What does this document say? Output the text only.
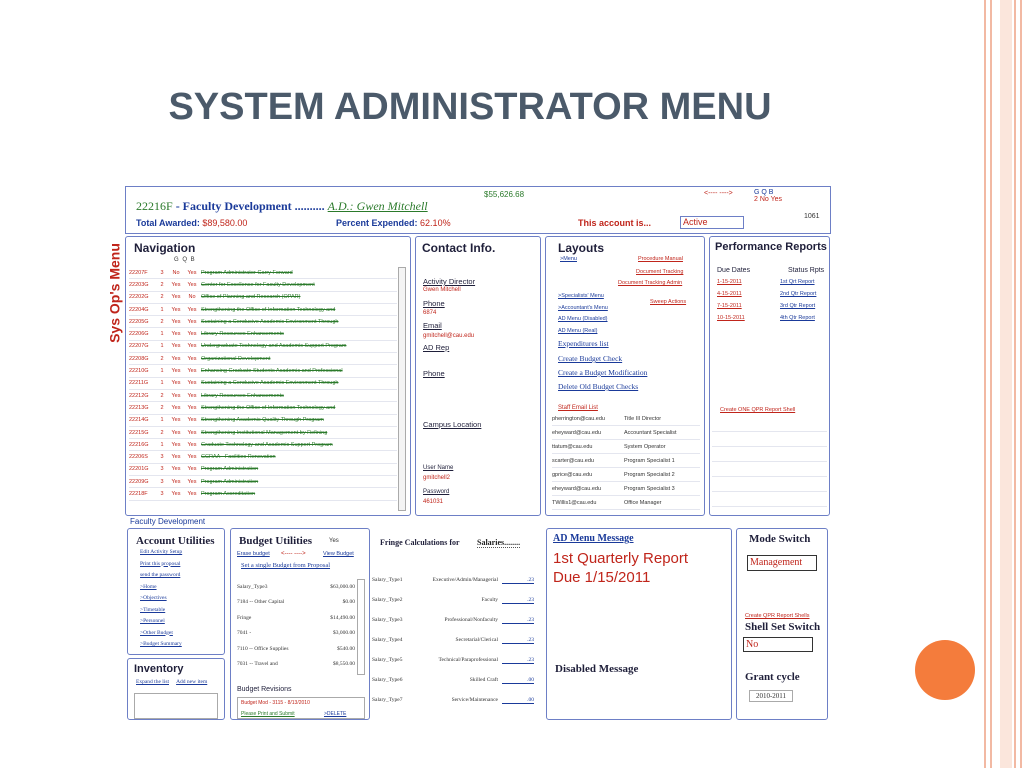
SYSTEM ADMINISTRATOR MENU
Sys Op's Menu
22216F - Faculty Development .......... A.D.: Gwen Mitchell
$55,626.68	<---- ---->	G Q B
2 No Yes
Total Awarded: $89,580.00	Percent Expended: 62.10%	This account is...	Active
1061
Navigation
G Q B
22207F	3	No	Yes Program Administrator-Carry Forward
22203G	2	Yes	Yes Center for Excellence for Faculty Development
22202G	2	Yes	No Office of Planning and Research (OPAR)
22204G	1	Yes	Yes Strengthening the Office of Information Technology and
22205G	2	Yes	Yes Sustaining a Conducive Academic Environment Through
22206G	1	Yes	Yes Library Resources Enhancements
22207G	1	Yes	Yes Undergraduate Technology and Academic Support Program
22208G	2	Yes	Yes Organizational Development
22210G	1	Yes	Yes Enhancing Graduate Students Academic and Professional
22211G	1	Yes	Yes Sustaining a Conducive Academic Environment Through
22212G	2	Yes	Yes Library Resources Enhancements
22213G	2	Yes	Yes Strengthening the Office of Information Technology and
22214G	1	Yes	Yes Strengthening Academic Quality Through Program
22215G	2	Yes	Yes Strengthening Institutional Management by Refining
22216G	1	Yes	Yes Graduate Technology and Academic Support Program
22206S	3	Yes	Yes CCRAA - Facilities Renovation
22201G	3	Yes	Yes Program Administration
22209G	3	Yes	Yes Program Administration
22218F	3	Yes	Yes Program Accreditation
Faculty Development
Contact Info.
Activity Director
Gwen Mitchell
Phone
6874
Email
gmitchell@cau.edu
AD Rep
Phone
Campus Location
User Name
gmitchell2
Password
461031
Layouts
>Menu	Procedure Manual
Document Tracking
Document Tracking Admin
>Specialists' Menu
Sweep Actions
>Accountant's Menu
AD Menu (Disabled)
AD Menu (Real)
Expenditures list
Create Budget Check
Create a Budget Modification
Delete Old Budget Checks
Staff Email List
pherrington@cau.edu	Title III Director
eheyward@cau.edu	Accountant Specialist
ttatum@cau.edu	System Operator
scarter@cau.edu	Program Specialist 1
gprice@cau.edu	Program Specialist 2
eheyward@cau.edu	Program Specialist 3
TWillis1@cau.edu	Office Manager
Performance Reports
Due Dates	Status Rpts
1-15-2011	1st Qrt Report
4-15-2011	2nd Qtr Report
7-15-2011	3rd Qtr Report
10-15-2011	4th Qtr Report
Create ONE QPR Report Shell
Account Utilities
Edit Activity Setup
Print this proposal
send the password
>Home
>Objectives
>Timetable
>Personnel
>Other Budget
>Budget Summary
Inventory
Expand the list Add new item
Budget Utilities	Yes
Erase budget <---- ---->	View Budget
Set a single Budget from Proposal
Salary_Type3	$63,000.00
7184 -- Other Capital	$0.00
Fringe	$14,490.00
7041 -	$3,000.00
7110 -- Office Supplies	$540.00
7031 -- Travel and	$8,550.00
Budget Revisions
Budget Mod - 3115 - 8/13/2010
Please Print and Submit	>DELETE
Fringe Calculations for Salaries........
Salary_Type1	Executive/Admin/Managerial	.23
Salary_Type2	Faculty	.23
Salary_Type3	Professional/Nonfaculty	.23
Salary_Type4	Secretarial/Clerical	.23
Salary_Type5	Technical/Paraprofessional	.23
Salary_Type6	Skilled Craft	.00
Salary_Type7	Service/Maintenance	.00
AD Menu Message
1st Quarterly Report
Due 1/15/2011
Disabled Message
Mode Switch
Management
Create QPR Report Shells
Shell Set Switch
No
Grant cycle
2010-2011
